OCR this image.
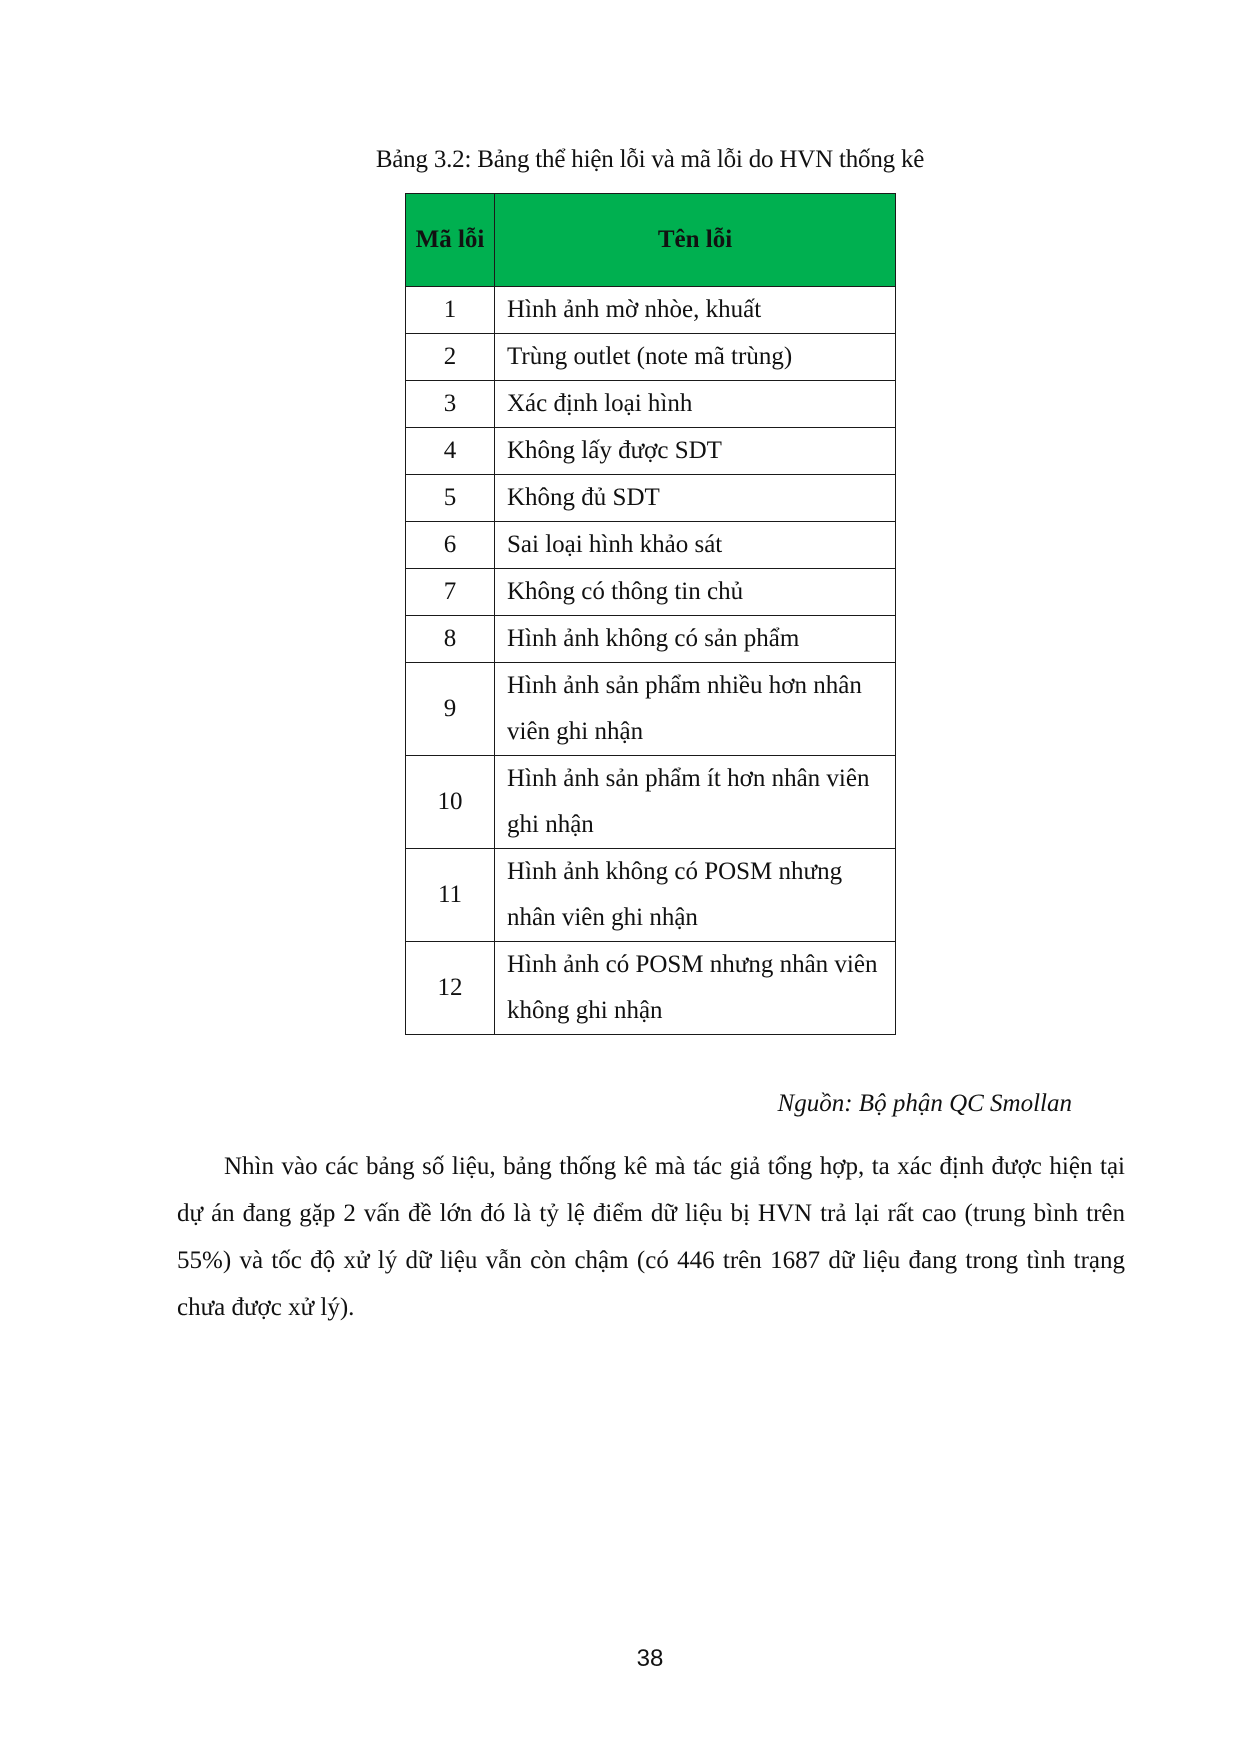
Bảng 3.2: Bảng thể hiện lỗi và mã lỗi do HVN thống kê
Mã lỗi	Tên lỗi
1	Hình ảnh mờ nhòe, khuất
2	Trùng outlet (note mã trùng)
3	Xác định loại hình
4	Không lấy được SDT
5	Không đủ SDT
6	Sai loại hình khảo sát
7	Không có thông tin chủ
8	Hình ảnh không có sản phẩm
9	Hình ảnh sản phẩm nhiều hơn nhân viên ghi nhận
10	Hình ảnh sản phẩm ít hơn nhân viên ghi nhận
11	Hình ảnh không có POSM nhưng nhân viên ghi nhận
12	Hình ảnh có POSM nhưng nhân viên không ghi nhận
Nguồn: Bộ phận QC Smollan

Nhìn vào các bảng số liệu, bảng thống kê mà tác giả tổng hợp, ta xác định được hiện tại dự án đang gặp 2 vấn đề lớn đó là tỷ lệ điểm dữ liệu bị HVN trả lại rất cao (trung bình trên 55%) và tốc độ xử lý dữ liệu vẫn còn chậm (có 446 trên 1687 dữ liệu đang trong tình trạng chưa được xử lý).

38
